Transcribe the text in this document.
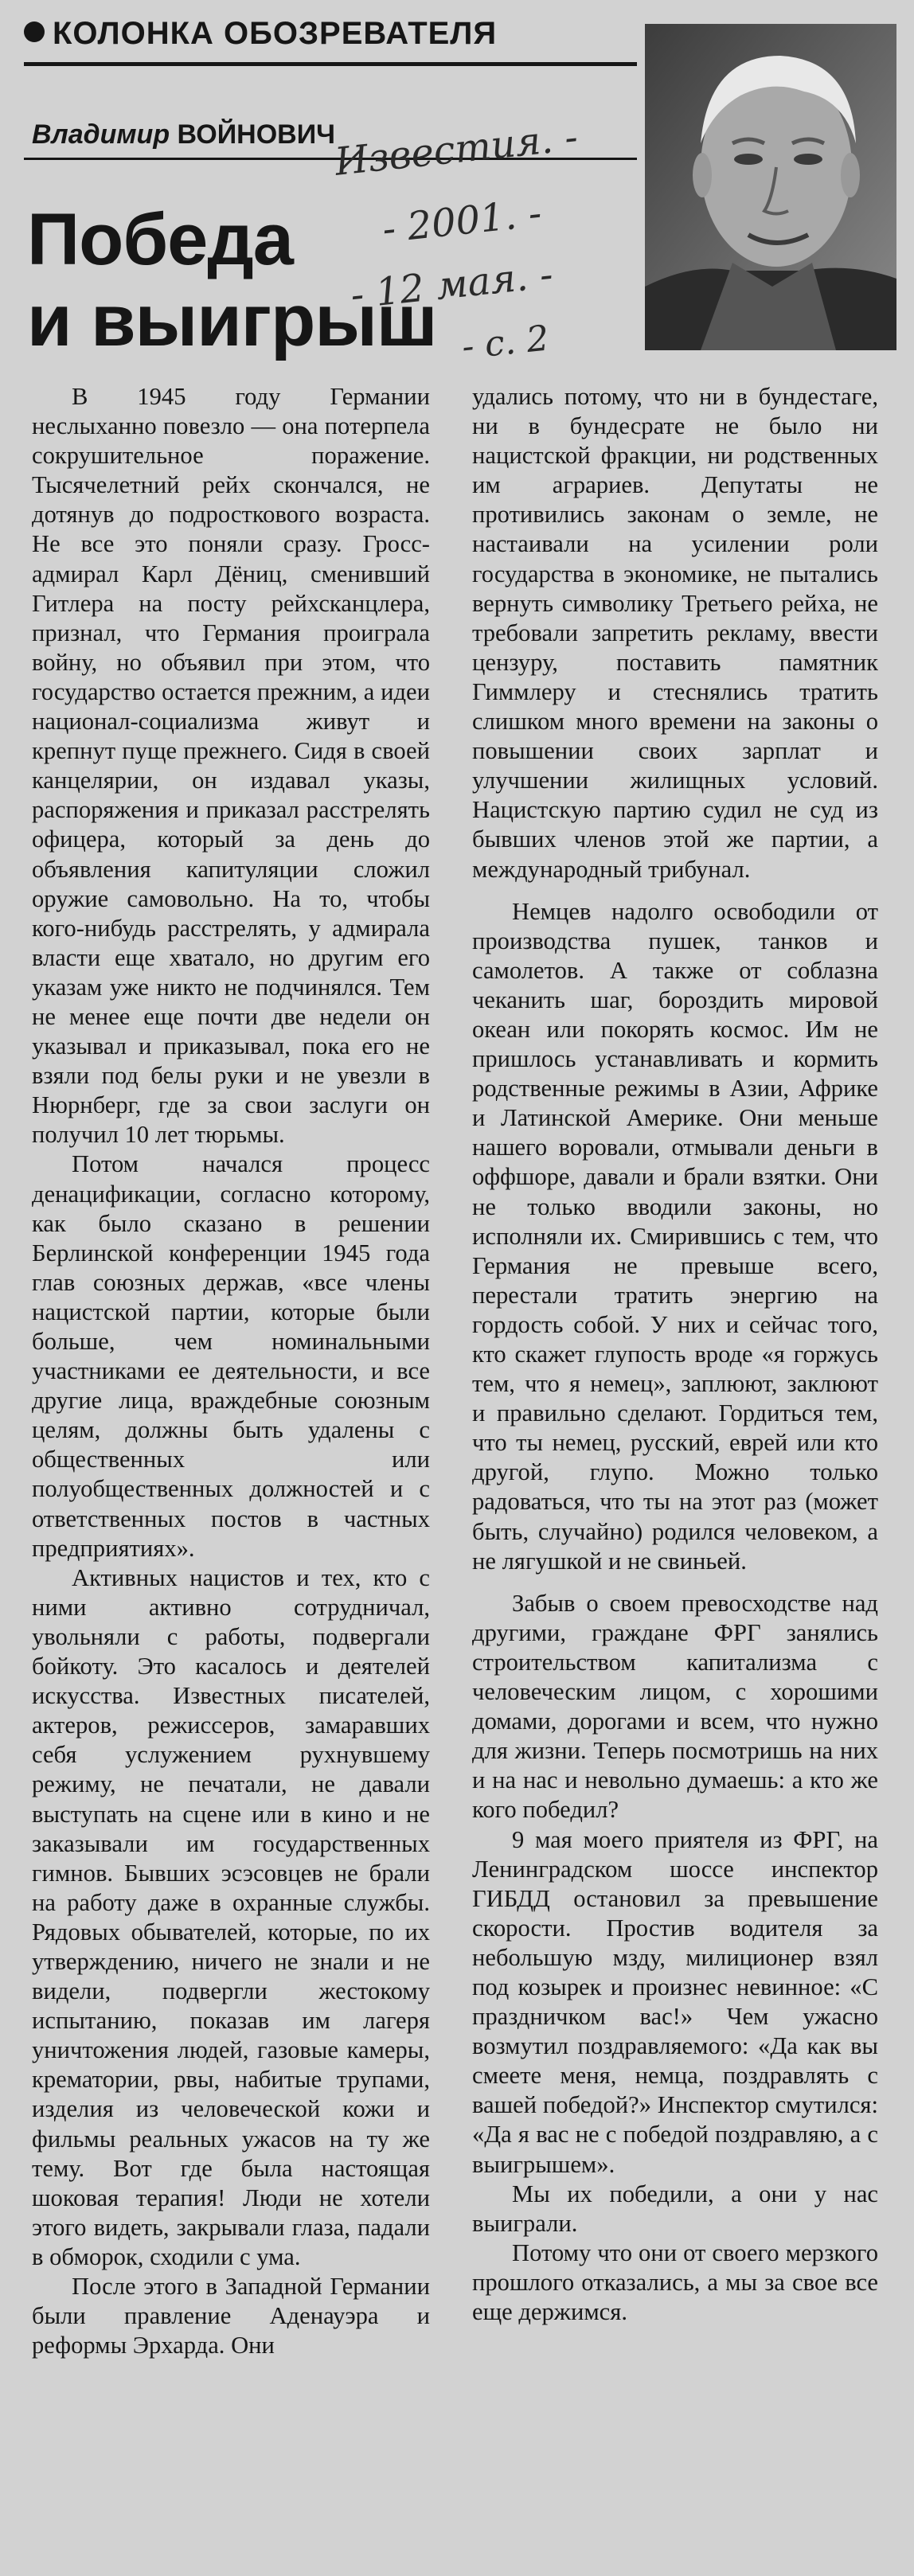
КОЛОНКА ОБОЗРЕВАТЕЛЯ
Владимир ВОЙНОВИЧ
Победа
и выигрыш
Известия. -
- 2001. -
- 12 мая. -
- с. 2

В 1945 году Германии неслыханно повезло — она потерпела сокрушительное поражение. Тысячелетний рейх скончался, не дотянув до подросткового возраста. Не все это поняли сразу. Гросс-адмирал Карл Дёниц, сменивший Гитлера на посту рейхсканцлера, признал, что Германия проиграла войну, но объявил при этом, что государство остается прежним, а идеи национал-социализма живут и крепнут пуще прежнего. Сидя в своей канцелярии, он издавал указы, распоряжения и приказал расстрелять офицера, который за день до объявления капитуляции сложил оружие самовольно. На то, чтобы кого-нибудь расстрелять, у адмирала власти еще хватало, но другим его указам уже никто не подчинялся. Тем не менее еще почти две недели он указывал и приказывал, пока его не взяли под белы руки и не увезли в Нюрнберг, где за свои заслуги он получил 10 лет тюрьмы.

Потом начался процесс денацификации, согласно которому, как было сказано в решении Берлинской конференции 1945 года глав союзных держав, «все члены нацистской партии, которые были больше, чем номинальными участниками ее деятельности, и все другие лица, враждебные союзным целям, должны быть удалены с общественных или полуобщественных должностей и с ответственных постов в частных предприятиях».

Активных нацистов и тех, кто с ними активно сотрудничал, увольняли с работы, подвергали бойкоту. Это касалось и деятелей искусства. Известных писателей, актеров, режиссеров, замаравших себя услужением рухнувшему режиму, не печатали, не давали выступать на сцене или в кино и не заказывали им государственных гимнов. Бывших эсэсовцев не брали на работу даже в охранные службы. Рядовых обывателей, которые, по их утверждению, ничего не знали и не видели, подвергли жестокому испытанию, показав им лагеря уничтожения людей, газовые камеры, крематории, рвы, набитые трупами, изделия из человеческой кожи и фильмы реальных ужасов на ту же тему. Вот где была настоящая шоковая терапия! Люди не хотели этого видеть, закрывали глаза, падали в обморок, сходили с ума.

После этого в Западной Германии были правление Аденауэра и реформы Эрхарда. Они

удались потому, что ни в бундестаге, ни в бундесрате не было ни нацистской фракции, ни родственных им аграриев. Депутаты не противились законам о земле, не настаивали на усилении роли государства в экономике, не пытались вернуть символику Третьего рейха, не требовали запретить рекламу, ввести цензуру, поставить памятник Гиммлеру и стеснялись тратить слишком много времени на законы о повышении своих зарплат и улучшении жилищных условий. Нацистскую партию судил не суд из бывших членов этой же партии, а международный трибунал.

Немцев надолго освободили от производства пушек, танков и самолетов. А также от соблазна чеканить шаг, бороздить мировой океан или покорять космос. Им не пришлось устанавливать и кормить родственные режимы в Азии, Африке и Латинской Америке. Они меньше нашего воровали, отмывали деньги в оффшоре, давали и брали взятки. Они не только вводили законы, но исполняли их. Смирившись с тем, что Германия не превыше всего, перестали тратить энергию на гордость собой. У них и сейчас того, кто скажет глупость вроде «я горжусь тем, что я немец», заплюют, заклюют и правильно сделают. Гордиться тем, что ты немец, русский, еврей или кто другой, глупо. Можно только радоваться, что ты на этот раз (может быть, случайно) родился человеком, а не лягушкой и не свиньей.

Забыв о своем превосходстве над другими, граждане ФРГ занялись строительством капитализма с человеческим лицом, с хорошими домами, дорогами и всем, что нужно для жизни. Теперь посмотришь на них и на нас и невольно думаешь: а кто же кого победил?

9 мая моего приятеля из ФРГ, на Ленинградском шоссе инспектор ГИБДД остановил за превышение скорости. Простив водителя за небольшую мзду, милиционер взял под козырек и произнес невинное: «С праздничком вас!» Чем ужасно возмутил поздравляемого: «Да как вы смеете меня, немца, поздравлять с вашей победой?» Инспектор смутился: «Да я вас не с победой поздравляю, а с выигрышем».

Мы их победили, а они у нас выиграли.

Потому что они от своего мерзкого прошлого отказались, а мы за свое все еще держимся.
